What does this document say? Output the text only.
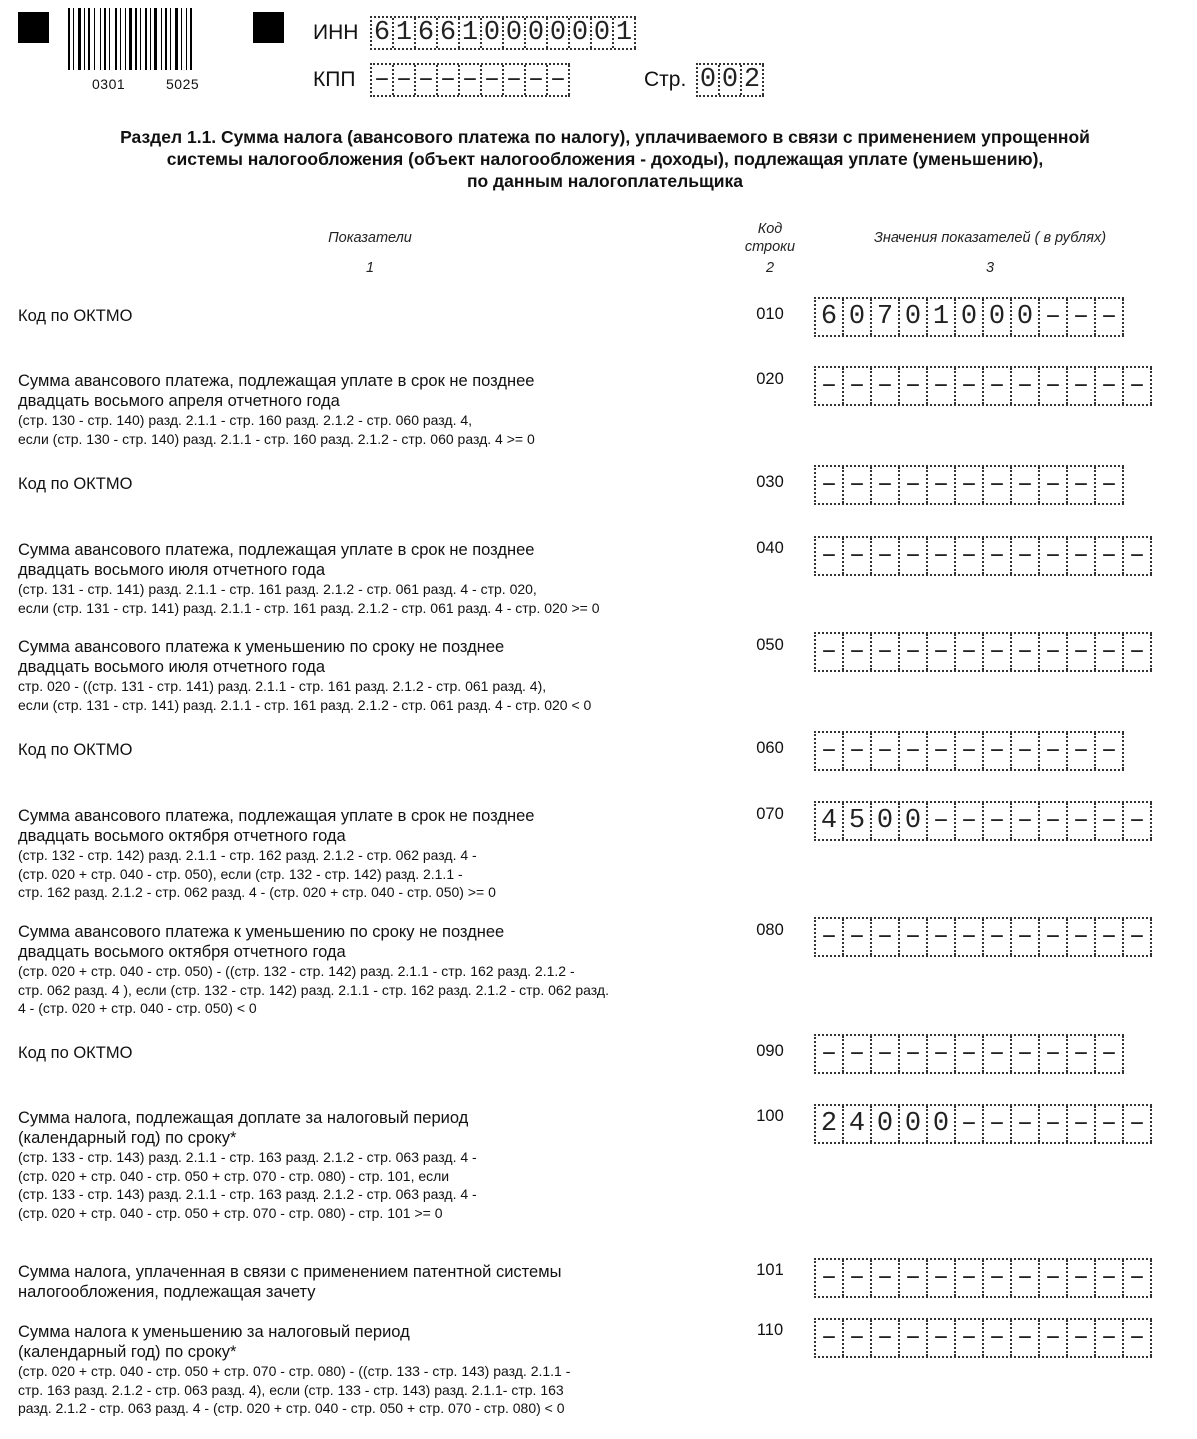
0301	5025
ИНН 6 1 6 6 1 0 0 0 0 0 0 1
КПП – – – – – – – – –	Стр. 0 0 2
Раздел 1.1. Сумма налога (авансового платежа по налогу), уплачиваемого в связи с применением упрощенной
системы налогообложения (объект налогообложения - доходы), подлежащая уплате (уменьшению),
по данным налогоплательщика
Показатели
Код
строки
Значения показателей ( в рублях)
1	2	3
Код по ОКТМО	010	6 0 7 0 1 0 0 0 – – –
Сумма авансового платежа, подлежащая уплате в срок не позднее
двадцать восьмого апреля отчетного года
(стр. 130 - стр. 140) разд. 2.1.1 - стр. 160 разд. 2.1.2 - стр. 060 разд. 4,
если (стр. 130 - стр. 140) разд. 2.1.1 - стр. 160 разд. 2.1.2 - стр. 060 разд. 4 >= 0
020	– – – – – – – – – – – –
Код по ОКТМО	030	– – – – – – – – – – –
Сумма авансового платежа, подлежащая уплате в срок не позднее
двадцать восьмого июля отчетного года
(стр. 131 - стр. 141) разд. 2.1.1 - стр. 161 разд. 2.1.2 - стр. 061 разд. 4 - стр. 020,
если (стр. 131 - стр. 141) разд. 2.1.1 - стр. 161 разд. 2.1.2 - стр. 061 разд. 4 - стр. 020 >= 0
040	– – – – – – – – – – – –
Сумма авансового платежа к уменьшению по сроку не позднее
двадцать восьмого июля отчетного года
стр. 020 - ((стр. 131 - стр. 141) разд. 2.1.1 - стр. 161 разд. 2.1.2 - стр. 061 разд. 4),
если (стр. 131 - стр. 141) разд. 2.1.1 - стр. 161 разд. 2.1.2 - стр. 061 разд. 4 - стр. 020 < 0
050	– – – – – – – – – – – –
Код по ОКТМО	060	– – – – – – – – – – –
Сумма авансового платежа, подлежащая уплате в срок не позднее
двадцать восьмого октября отчетного года
(стр. 132 - стр. 142) разд. 2.1.1 - стр. 162 разд. 2.1.2 - стр. 062 разд. 4 -
(стр. 020 + стр. 040 - стр. 050), если (стр. 132 - стр. 142) разд. 2.1.1 -
стр. 162 разд. 2.1.2 - стр. 062 разд. 4 - (стр. 020 + стр. 040 - стр. 050) >= 0
070	4 5 0 0 – – – – – – – –
Сумма авансового платежа к уменьшению по сроку не позднее
двадцать восьмого октября отчетного года
(стр. 020 + стр. 040 - стр. 050) - ((стр. 132 - стр. 142) разд. 2.1.1 - стр. 162 разд. 2.1.2 -
стр. 062 разд. 4 ), если (стр. 132 - стр. 142) разд. 2.1.1 - стр. 162 разд. 2.1.2 - стр. 062 разд.
4 - (стр. 020 + стр. 040 - стр. 050) < 0
080	– – – – – – – – – – – –
Код по ОКТМО	090	– – – – – – – – – – –
Сумма налога, подлежащая доплате за налоговый период
(календарный год) по сроку*
(стр. 133 - стр. 143) разд. 2.1.1 - стр. 163 разд. 2.1.2 - стр. 063 разд. 4 -
(стр. 020 + стр. 040 - стр. 050 + стр. 070 - стр. 080) - стр. 101, если
(стр. 133 - стр. 143) разд. 2.1.1 - стр. 163 разд. 2.1.2 - стр. 063 разд. 4 -
(стр. 020 + стр. 040 - стр. 050 + стр. 070 - стр. 080) - стр. 101 >= 0
100	2 4 0 0 0 – – – – – – –
Сумма налога, уплаченная в связи с применением патентной системы
налогообложения, подлежащая зачету
101	– – – – – – – – – – – –
Сумма налога к уменьшению за налоговый период
(календарный год) по сроку*
(стр. 020 + стр. 040 - стр. 050 + стр. 070 - стр. 080) - ((стр. 133 - стр. 143) разд. 2.1.1 -
стр. 163 разд. 2.1.2 - стр. 063 разд. 4), если (стр. 133 - стр. 143) разд. 2.1.1- стр. 163
разд. 2.1.2 - стр. 063 разд. 4 - (стр. 020 + стр. 040 - стр. 050 + стр. 070 - стр. 080) < 0
110	– – – – – – – – – – – –
